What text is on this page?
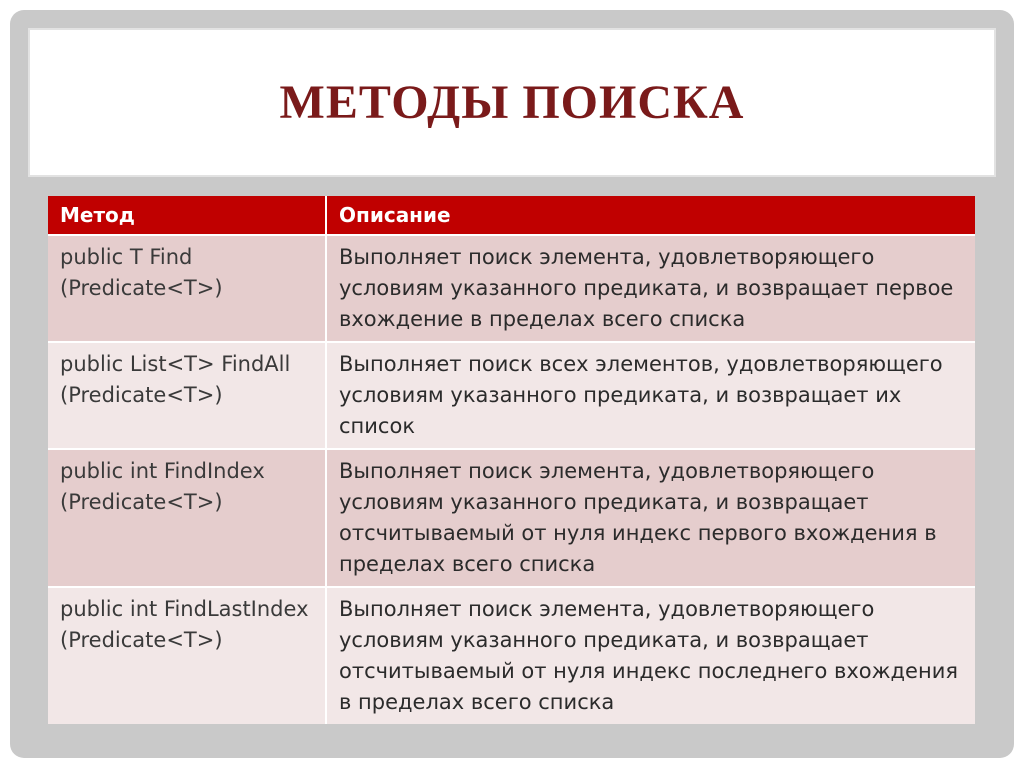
МЕТОДЫ ПОИСКА
Метод	Описание
public T Find (Predicate<T>)	Выполняет поиск элемента, удовлетворяющего условиям указанного предиката, и возвращает первое вхождение в пределах всего списка
public List<T> FindAll (Predicate<T>)	Выполняет поиск всех элементов, удовлетворяющего условиям указанного предиката, и возвращает их список
public int FindIndex (Predicate<T>)	Выполняет поиск элемента, удовлетворяющего условиям указанного предиката, и возвращает отсчитываемый от нуля индекс первого вхождения в пределах всего списка
public int FindLastIndex (Predicate<T>)	Выполняет поиск элемента, удовлетворяющего условиям указанного предиката, и возвращает отсчитываемый от нуля индекс последнего вхождения в пределах всего списка
